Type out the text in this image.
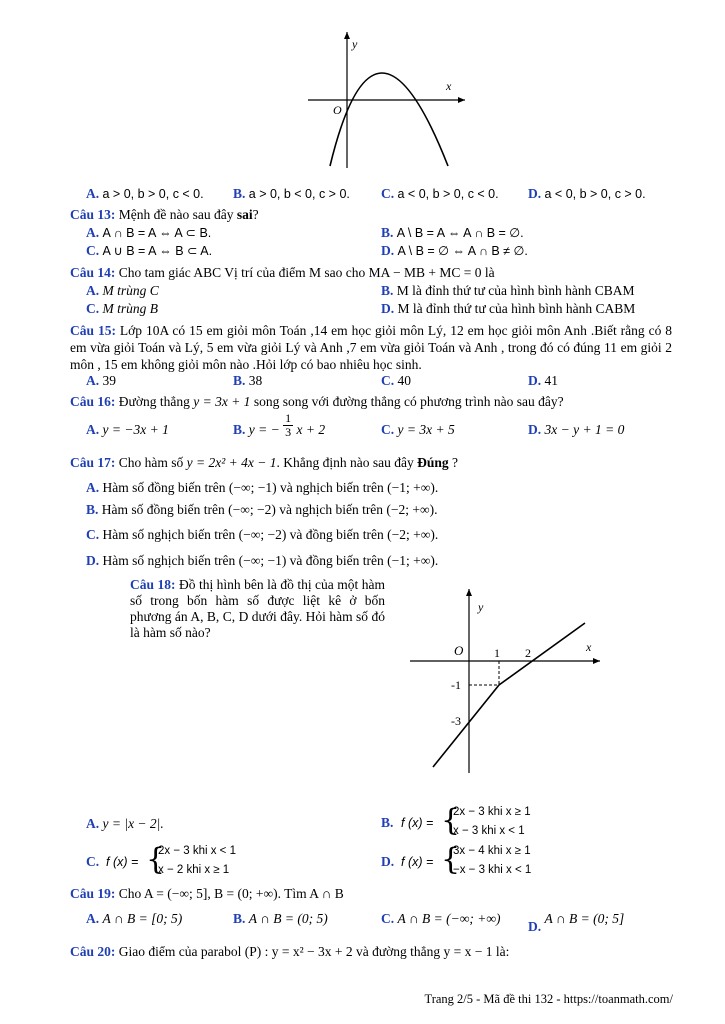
y
x
O
A. a > 0, b > 0, c < 0. B. a > 0, b < 0, c > 0. C. a < 0, b > 0, c < 0. D. a < 0, b > 0, c > 0.
Câu 13: Mệnh đề nào sau đây sai?
A. A ∩ B = A ⇔ A ⊂ B.	B. A \ B = A ⇔ A ∩ B = ∅.
C. A ∪ B = A ⇔ B ⊂ A.	D. A \ B = ∅ ⇔ A ∩ B ≠ ∅.
Câu 14: Cho tam giác ABC Vị trí của điểm M sao cho MA − MB + MC = 0 là
A. M trùng C	B. M là đỉnh thứ tư của hình bình hành CBAM
C. M trùng B	D. M là đỉnh thứ tư của hình bình hành CABM
Câu 15: Lớp 10A có 15 em giỏi môn Toán ,14 em học giỏi môn Lý, 12 em học giỏi môn Anh .Biết rằng có 8 em vừa giỏi Toán và Lý, 5 em vừa giỏi Lý và Anh ,7 em vừa giỏi Toán và Anh , trong đó có đúng 11 em giỏi 2 môn , 15 em không giỏi môn nào .Hỏi lớp có bao nhiêu học sinh.
A. 39	B. 38	C. 40	D. 41
Câu 16: Đường thẳng y = 3x + 1 song song với đường thẳng có phương trình nào sau đây?
A. y = −3x + 1	B. y = − $\frac{1}{3}$ x + 2	C. y = 3x + 5	D. 3x − y + 1 = 0
Câu 17: Cho hàm số y = 2x² + 4x − 1. Khẳng định nào sau đây Đúng ?
A. Hàm số đồng biến trên (−∞; −1) và nghịch biến trên (−1; +∞).
B. Hàm số đồng biến trên (−∞; −2) và nghịch biến trên (−2; +∞).
C. Hàm số nghịch biến trên (−∞; −2) và đồng biến trên (−2; +∞).
D. Hàm số nghịch biến trên (−∞; −1) và đồng biến trên (−1; +∞).
Câu 18: Đồ thị hình bên là đồ thị của một hàm số trong bốn hàm số được liệt kê ở bốn phương án A, B, C, D dưới đây. Hỏi hàm số đó là hàm số nào?
y
x
O	1 2
-1
-3
A. y = |x − 2|.	B. f (x) = {
2x − 3 khi x ≥ 1
x − 3 khi x < 1
C. f (x) = {
2x − 3 khi x < 1
x − 2 khi x ≥ 1
D. f (x) = {
3x − 4 khi x ≥ 1
−x − 3 khi x < 1
Câu 19: Cho A = (−∞; 5], B = (0; +∞). Tìm A ∩ B
A. A ∩ B = [0; 5)	B. A ∩ B = (0; 5)	C. A ∩ B = (−∞; +∞)
D. A ∩ B = (0; 5]
Câu 20: Giao điểm của parabol (P) : y = x² − 3x + 2 và đường thẳng y = x − 1 là:
Trang 2/5 - Mã đề thi 132 - https://toanmath.com/
